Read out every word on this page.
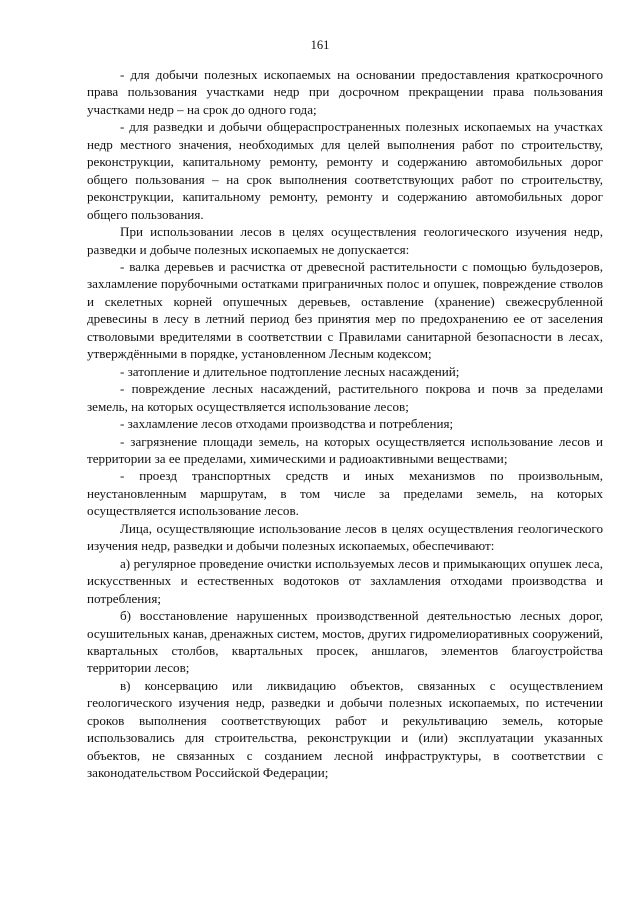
161

- для добычи полезных ископаемых на основании предоставления краткосрочного права пользования участками недр при досрочном прекращении права пользования участками недр – на срок до одного года;

- для разведки и добычи общераспространенных полезных ископаемых на участках недр местного значения, необходимых для целей выполнения работ по строительству, реконструкции, капитальному ремонту, ремонту и содержанию автомобильных дорог общего пользования – на срок выполнения соответствующих работ по строительству, реконструкции, капитальному ремонту, ремонту и содержанию автомобильных дорог общего пользования.

При использовании лесов в целях осуществления геологического изучения недр, разведки и добыче полезных ископаемых не допускается:

- валка деревьев и расчистка от древесной растительности с помощью бульдозеров, захламление порубочными остатками приграничных полос и опушек, повреждение стволов и скелетных корней опушечных деревьев, оставление (хранение) свежесрубленной древесины в лесу в летний период без принятия мер по предохранению ее от заселения стволовыми вредителями в соответствии с Правилами санитарной безопасности в лесах, утверждёнными в порядке, установленном Лесным кодексом;

- затопление и длительное подтопление лесных насаждений;

- повреждение лесных насаждений, растительного покрова и почв за пределами земель, на которых осуществляется использование лесов;

- захламление лесов отходами производства и потребления;

- загрязнение площади земель, на которых осуществляется использование лесов и территории за ее пределами, химическими и радиоактивными веществами;

- проезд транспортных средств и иных механизмов по произвольным, неустановленным маршрутам, в том числе за пределами земель, на которых осуществляется использование лесов.

Лица, осуществляющие использование лесов в целях осуществления геологического изучения недр, разведки и добычи полезных ископаемых, обеспечивают:

а) регулярное проведение очистки используемых лесов и примыкающих опушек леса, искусственных и естественных водотоков от захламления отходами производства и потребления;

б) восстановление нарушенных производственной деятельностью лесных дорог, осушительных канав, дренажных систем, мостов, других гидромелиоративных сооружений, квартальных столбов, квартальных просек, аншлагов, элементов благоустройства территории лесов;

в) консервацию или ликвидацию объектов, связанных с осуществлением геологического изучения недр, разведки и добычи полезных ископаемых, по истечении сроков выполнения соответствующих работ и рекультивацию земель, которые использовались для строительства, реконструкции и (или) эксплуатации указанных объектов, не связанных с созданием лесной инфраструктуры, в соответствии с законодательством Российской Федерации;
